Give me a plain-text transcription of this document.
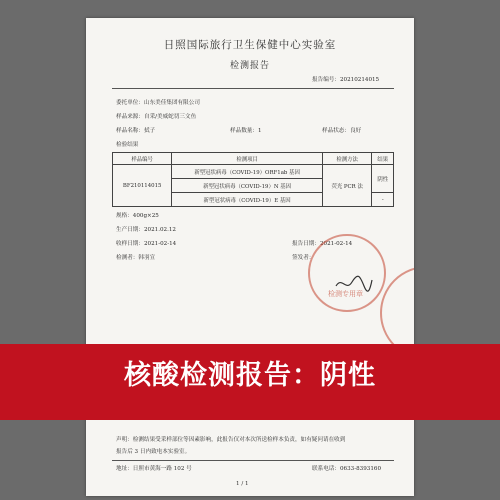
日照国际旅行卫生保健中心实验室
检测报告
报告编号：20210214015
委托单位：山东美佳集团有限公司
样品来源：自采/美威蛇切三文鱼
样品名称：拭子	样品数量：1	样品状态：良好
检验结果
样品编号	检测项目	检测方法	结果
BF210114015	新型冠状病毒（COVID-19）ORF1ab 基因	荧光 PCR 法	阴性
	新型冠状病毒（COVID-19）N 基因		
	新型冠状病毒（COVID-19）E 基因		-
规格：400g×25
生产日期：2021.02.12
收样日期：2021-02-14	报告日期：2021-02-14
检测者：韩羽宣	签发者：
检测专用章
声明：检测结果受采样部位等因素影响，此报告仅对本次所送检样本负责，如有疑问请在收到
报告后 3 日内致电本实验室。
地址：日照市黄海一路 102 号	联系电话：0633-8393160
1 / 1
核酸检测报告：阴性
